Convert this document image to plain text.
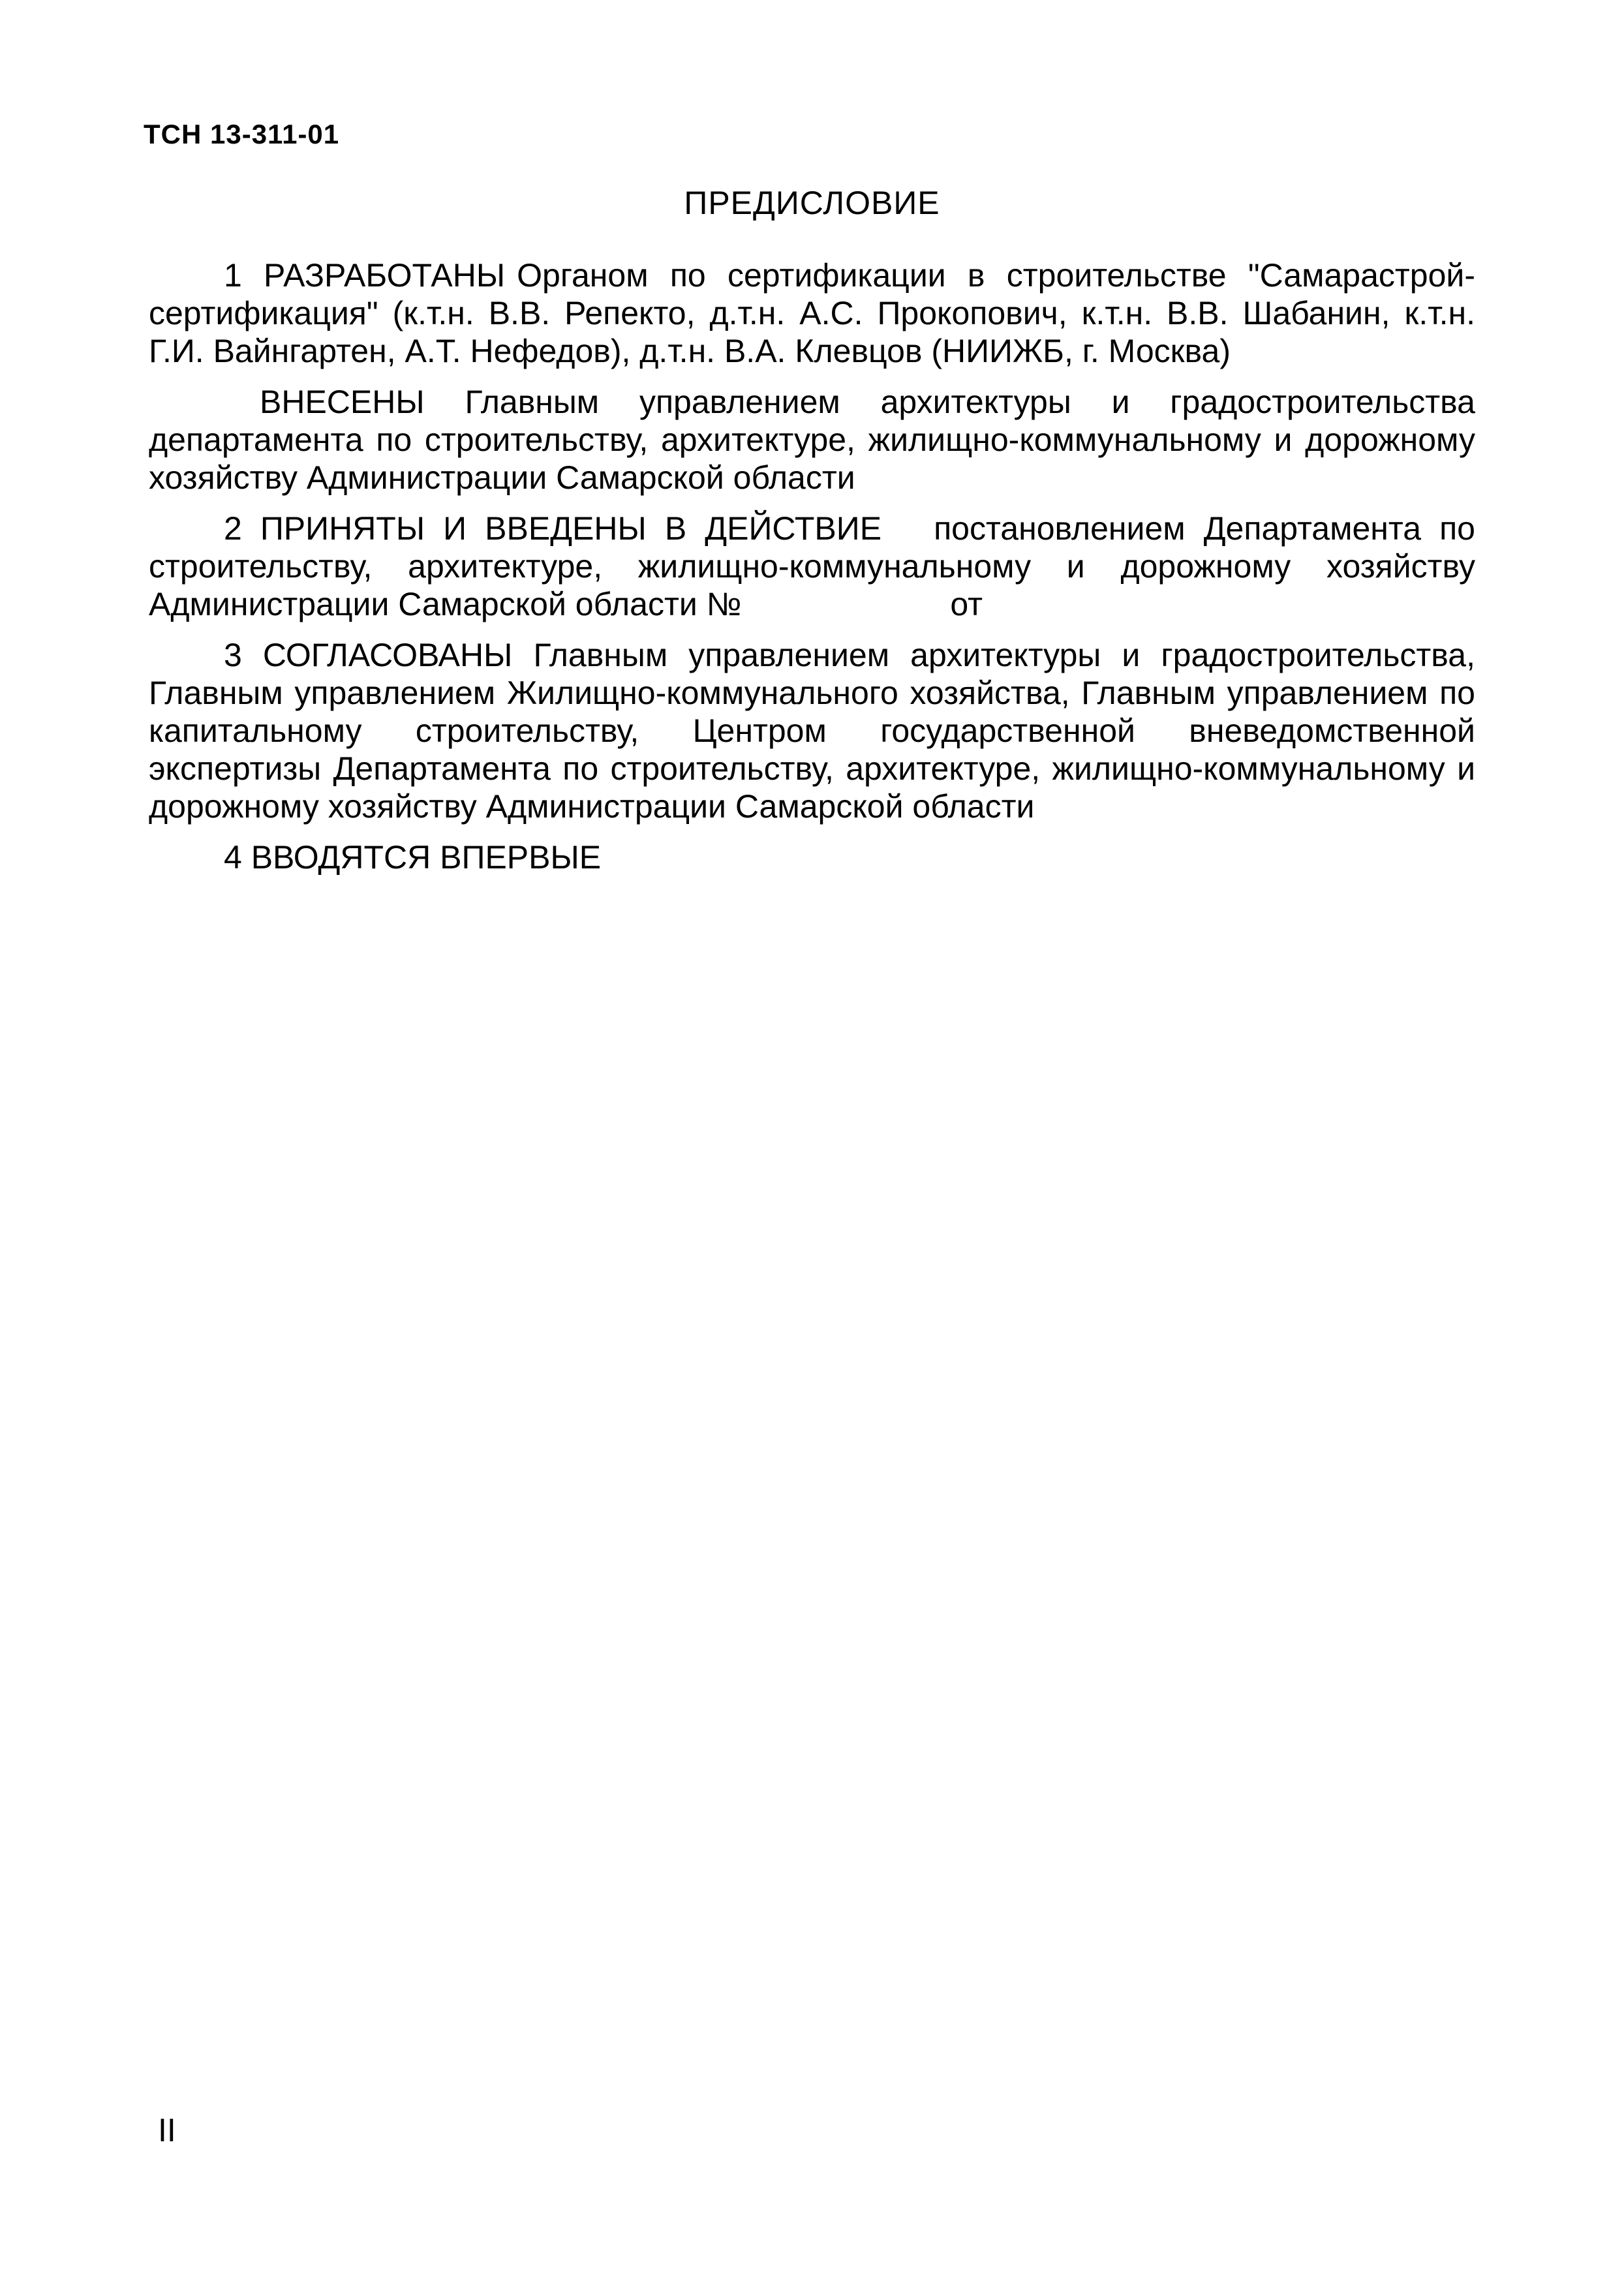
ТСН 13-311-01
ПРЕДИСЛОВИЕ

1 РАЗРАБОТАНЫ Органом по сертификации в строительстве "Самарастрой-сертификация" (к.т.н. В.В. Репекто, д.т.н. А.С. Прокопович, к.т.н. В.В. Шабанин, к.т.н. Г.И. Вайнгартен, А.Т. Нефедов), д.т.н. В.А. Клевцов (НИИЖБ, г. Москва)

ВНЕСЕНЫ Главным управлением архитектуры и градостроительства департамента по строительству, архитектуре, жилищно-коммунальному и дорожному хозяйству Администрации Самарской области

2 ПРИНЯТЫ И ВВЕДЕНЫ В ДЕЙСТВИЕ постановлением Департамента по строительству, архитектуре, жилищно-коммунальному и дорожному хозяйству Администрации Самарской области №	от

3 СОГЛАСОВАНЫ Главным управлением архитектуры и градостроительства, Главным управлением Жилищно-коммунального хозяйства, Главным управлением по капитальному строительству, Центром государственной вневедомственной экспертизы Департамента по строительству, архитектуре, жилищно-коммунальному и дорожному хозяйству Администрации Самарской области

4 ВВОДЯТСЯ ВПЕРВЫЕ

II
